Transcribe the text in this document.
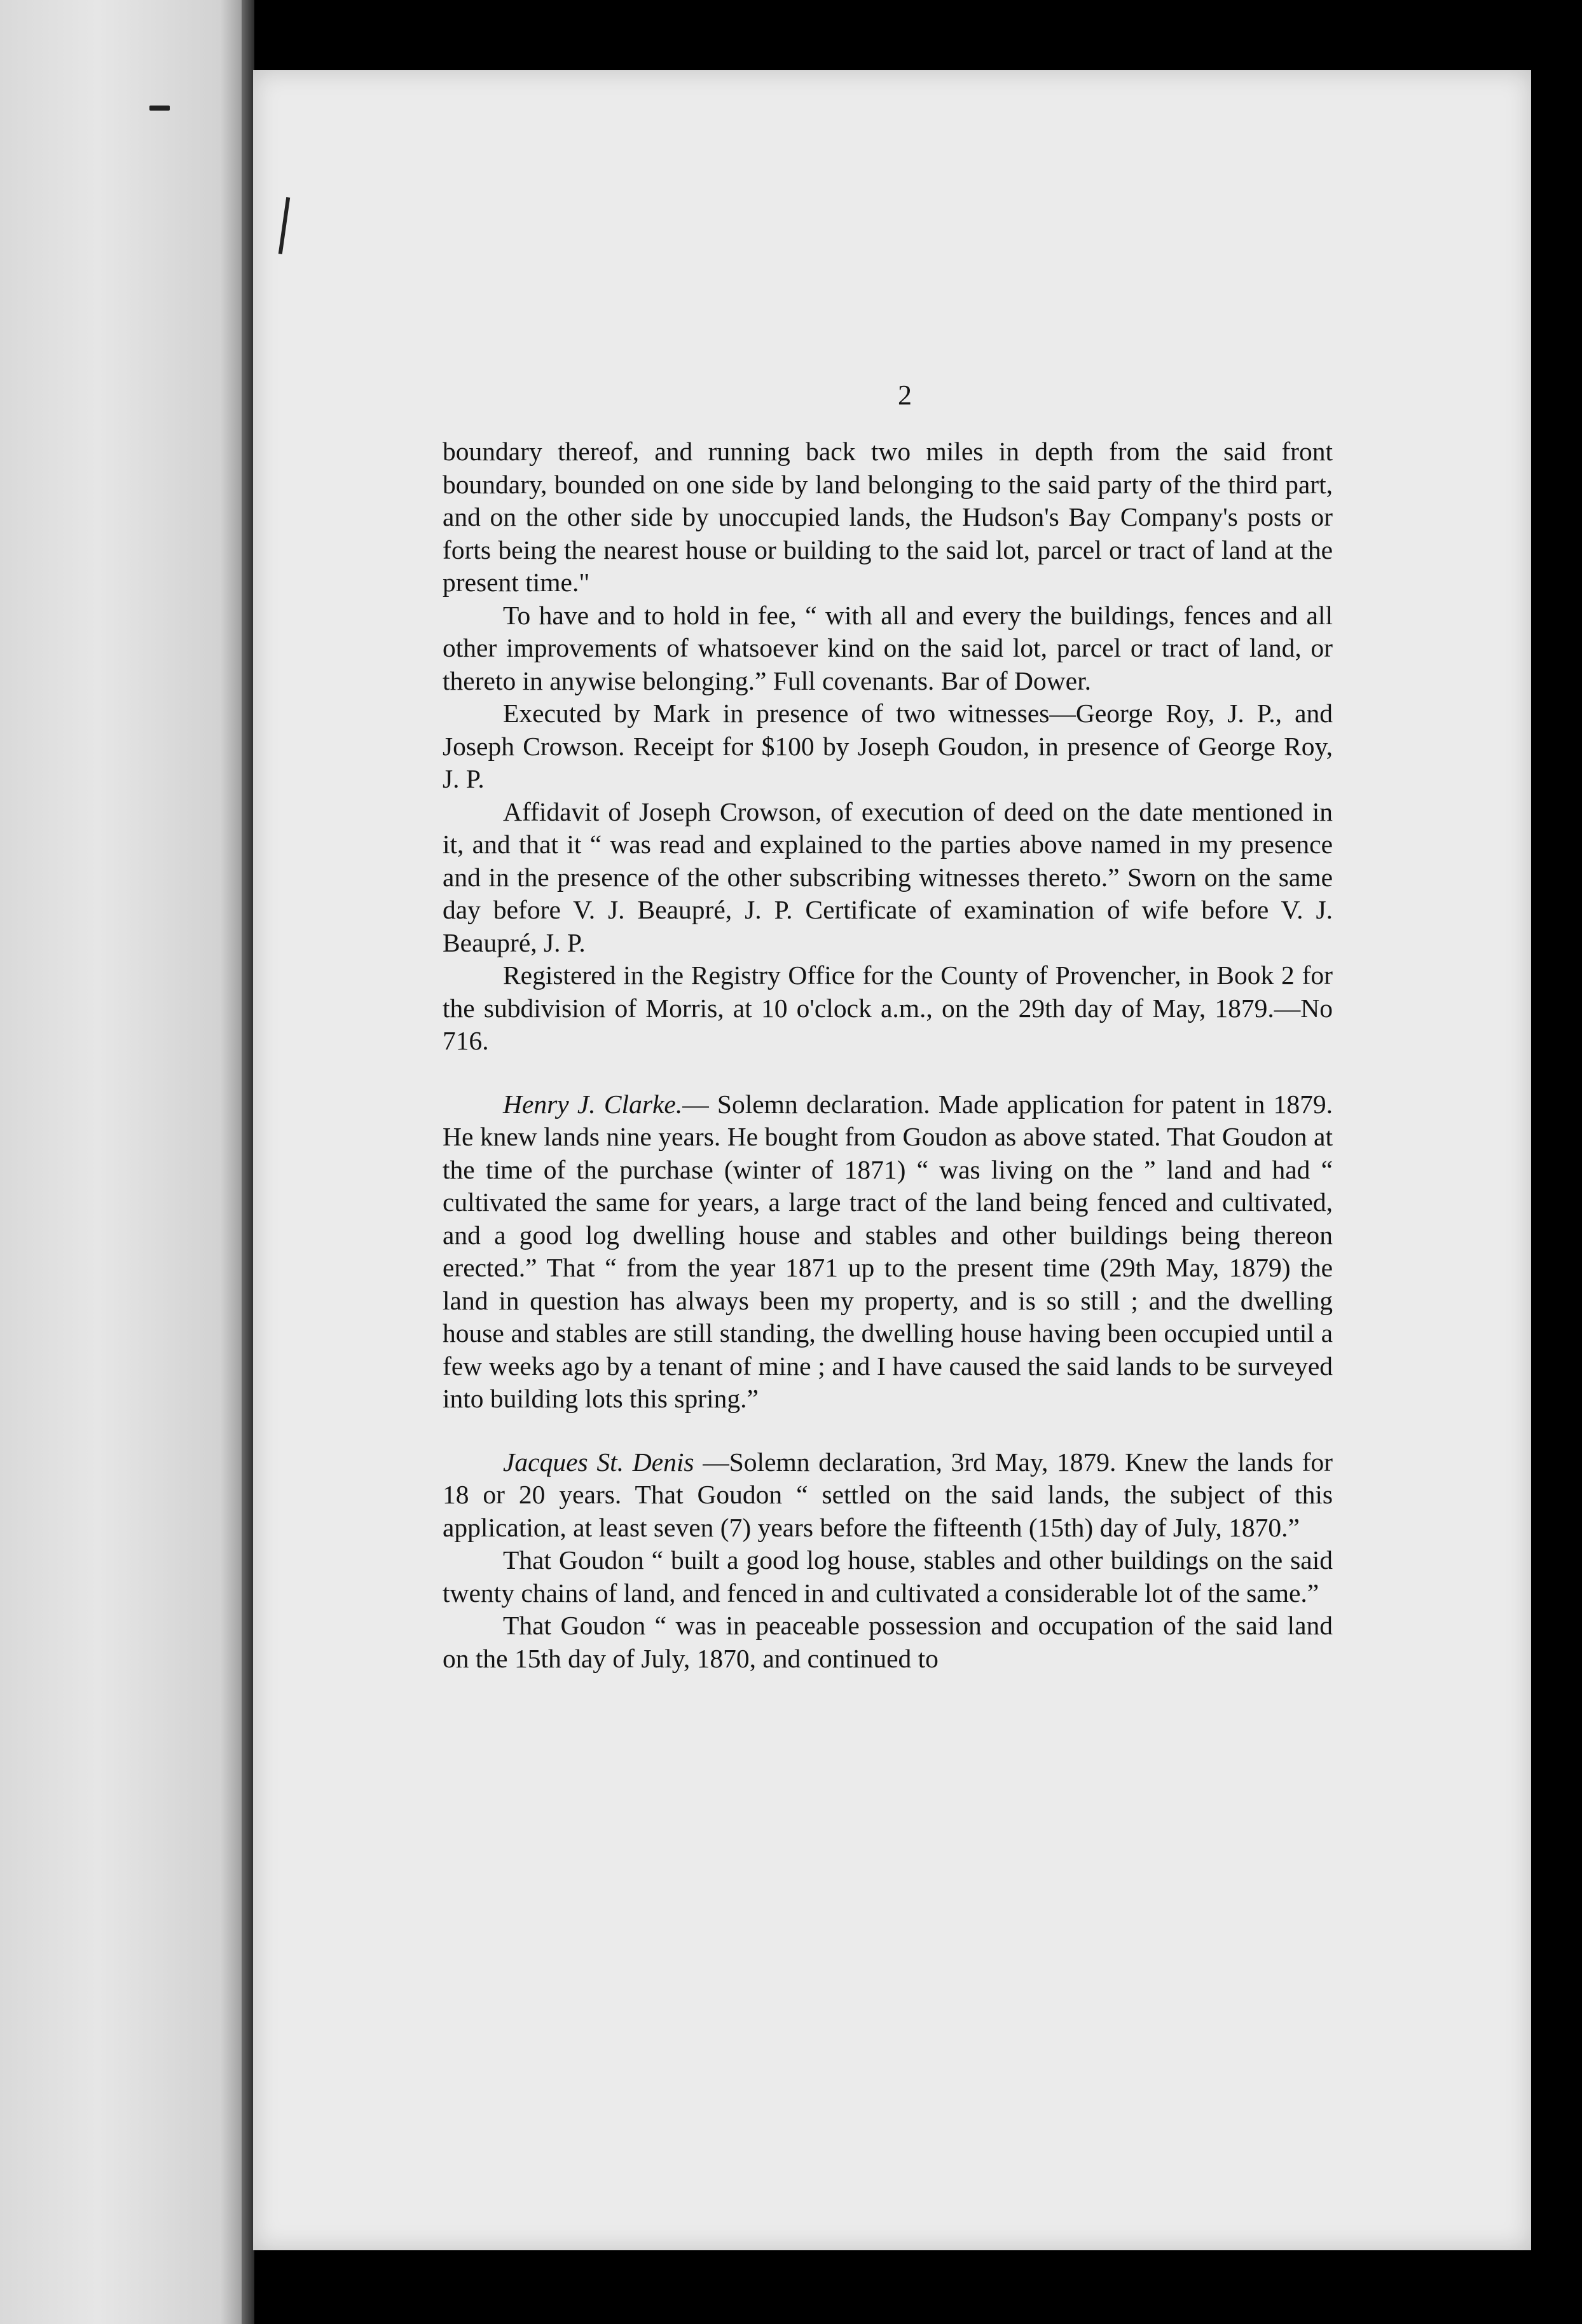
2

boundary thereof, and running back two miles in depth from the said front boundary, bounded on one side by land belonging to the said party of the third part, and on the other side by unoccupied lands, the Hudson's Bay Company's posts or forts being the nearest house or building to the said lot, parcel or tract of land at the present time."

To have and to hold in fee, “ with all and every the buildings, fences and all other improvements of whatsoever kind on the said lot, parcel or tract of land, or thereto in anywise belonging.” Full covenants. Bar of Dower.

Executed by Mark in presence of two witnesses—George Roy, J. P., and Joseph Crowson. Receipt for $100 by Joseph Goudon, in presence of George Roy, J. P.

Affidavit of Joseph Crowson, of execution of deed on the date mentioned in it, and that it “ was read and explained to the parties above named in my presence and in the presence of the other subscribing witnesses thereto.” Sworn on the same day before V. J. Beaupré, J. P. Certificate of examination of wife before V. J. Beaupré, J. P.

Registered in the Registry Office for the County of Provencher, in Book 2 for the subdivision of Morris, at 10 o'clock a.m., on the 29th day of May, 1879.—No 716.

Henry J. Clarke.— Solemn declaration. Made application for patent in 1879. He knew lands nine years. He bought from Goudon as above stated. That Goudon at the time of the purchase (winter of 1871) “ was living on the ” land and had “ cultivated the same for years, a large tract of the land being fenced and cultivated, and a good log dwelling house and stables and other buildings being thereon erected.” That “ from the year 1871 up to the present time (29th May, 1879) the land in question has always been my property, and is so still ; and the dwelling house and stables are still standing, the dwelling house having been occupied until a few weeks ago by a tenant of mine ; and I have caused the said lands to be surveyed into building lots this spring.”

Jacques St. Denis —Solemn declaration, 3rd May, 1879. Knew the lands for 18 or 20 years. That Goudon “ settled on the said lands, the subject of this application, at least seven (7) years before the fifteenth (15th) day of July, 1870.”

That Goudon “ built a good log house, stables and other buildings on the said twenty chains of land, and fenced in and cultivated a considerable lot of the same.”

That Goudon “ was in peaceable possession and occupation of the said land on the 15th day of July, 1870, and continued to
